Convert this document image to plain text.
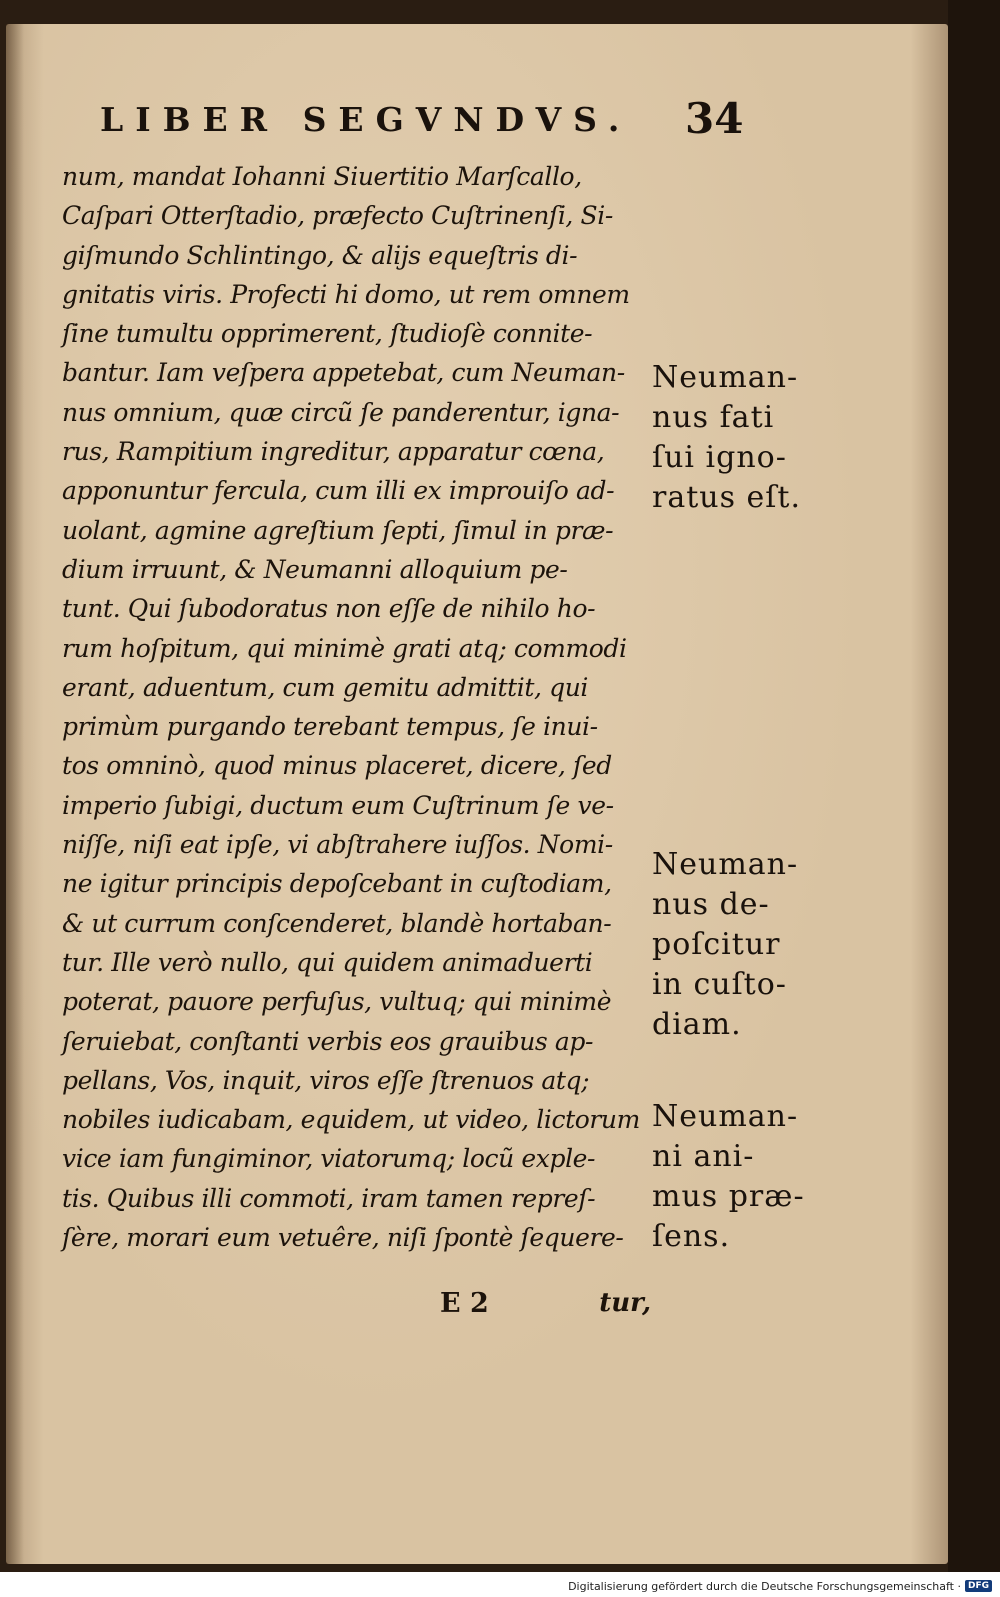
LIBER SEGVNDVS. 34
num, mandat Iohanni Siuertitio Marſcallo,
Caſpari Otterſtadio, præfecto Cuſtrinenſi, Si-
giſmundo Schlintingo, & alijs equeſtris di-
gnitatis viris. Profecti hi domo, ut rem omnem
ſine tumultu opprimerent, ſtudioſè connite-
bantur. Iam veſpera appetebat, cum Neuman-
nus omnium, quæ circũ ſe panderentur, igna-
rus, Rampitium ingreditur, apparatur cœna,
apponuntur fercula, cum illi ex improuiſo ad-
uolant, agmine agreſtium ſepti, ſimul in præ-
dium irruunt, & Neumanni alloquium pe-
tunt. Qui ſubodoratus non eſſe de nihilo ho-
rum hoſpitum, qui minimè grati atq; commodi
erant, aduentum, cum gemitu admittit, qui
primùm purgando terebant tempus, ſe inui-
tos omninò, quod minus placeret, dicere, ſed
imperio ſubigi, ductum eum Cuſtrinum ſe ve-
niſſe, niſi eat ipſe, vi abſtrahere iuſſos. Nomi-
ne igitur principis depoſcebant in cuſtodiam,
& ut currum conſcenderet, blandè hortaban-
tur. Ille verò nullo, qui quidem animaduerti
poterat, pauore perfuſus, vultuq; qui minimè
ſeruiebat, conſtanti verbis eos grauibus ap-
pellans, Vos, inquit, viros eſſe ſtrenuos atq;
nobiles iudicabam, equidem, ut video, lictorum
vice iam fungiminor, viatorumq; locũ exple-
tis. Quibus illi commoti, iram tamen repreſ-
ſère, morari eum vetuêre, niſi ſpontè ſequere-
E 2	tur,
Neuman-
nus fati
ſui igno-
ratus eſt.
Neuman-
nus de-
poſcitur
in cuſto-
diam.
Neuman-
ni ani-
mus præ-
ſens.
Digitalisierung gefördert durch die Deutsche Forschungsgemeinschaft · DFG
